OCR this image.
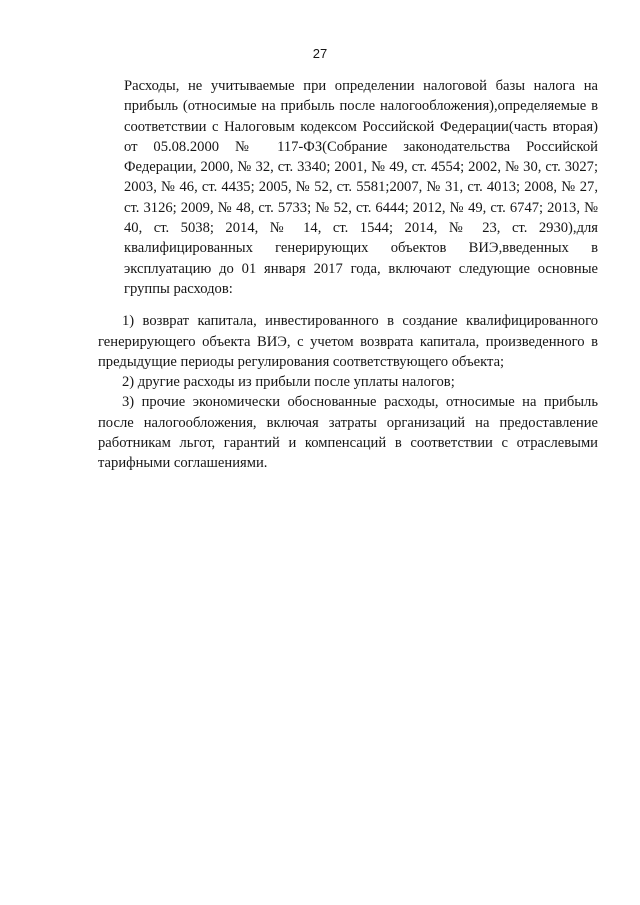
27

Расходы, не учитываемые при определении налоговой базы налога на прибыль (относимые на прибыль после налогообложения),определяемые в соответствии с Налоговым кодексом Российской Федерации(часть вторая) от 05.08.2000 № 117-ФЗ(Собрание законодательства Российской Федерации, 2000, № 32, ст. 3340; 2001, № 49, ст. 4554; 2002, № 30, ст. 3027; 2003, № 46, ст. 4435; 2005, № 52, ст. 5581;2007, № 31, ст. 4013; 2008, № 27, ст. 3126; 2009, № 48, ст. 5733; № 52, ст. 6444; 2012, № 49, ст. 6747; 2013, № 40, ст. 5038; 2014, № 14, ст. 1544; 2014, № 23, ст. 2930),для квалифицированных генерирующих объектов ВИЭ,введенных в эксплуатацию до 01 января 2017 года, включают следующие основные группы расходов:

1) возврат капитала, инвестированного в создание квалифицированного генерирующего объекта ВИЭ, с учетом возврата капитала, произведенного в предыдущие периоды регулирования соответствующего объекта;

2) другие расходы из прибыли после уплаты налогов;

3) прочие экономически обоснованные расходы, относимые на прибыль после налогообложения, включая затраты организаций на предоставление работникам льгот, гарантий и компенсаций в соответствии с отраслевыми тарифными соглашениями.
